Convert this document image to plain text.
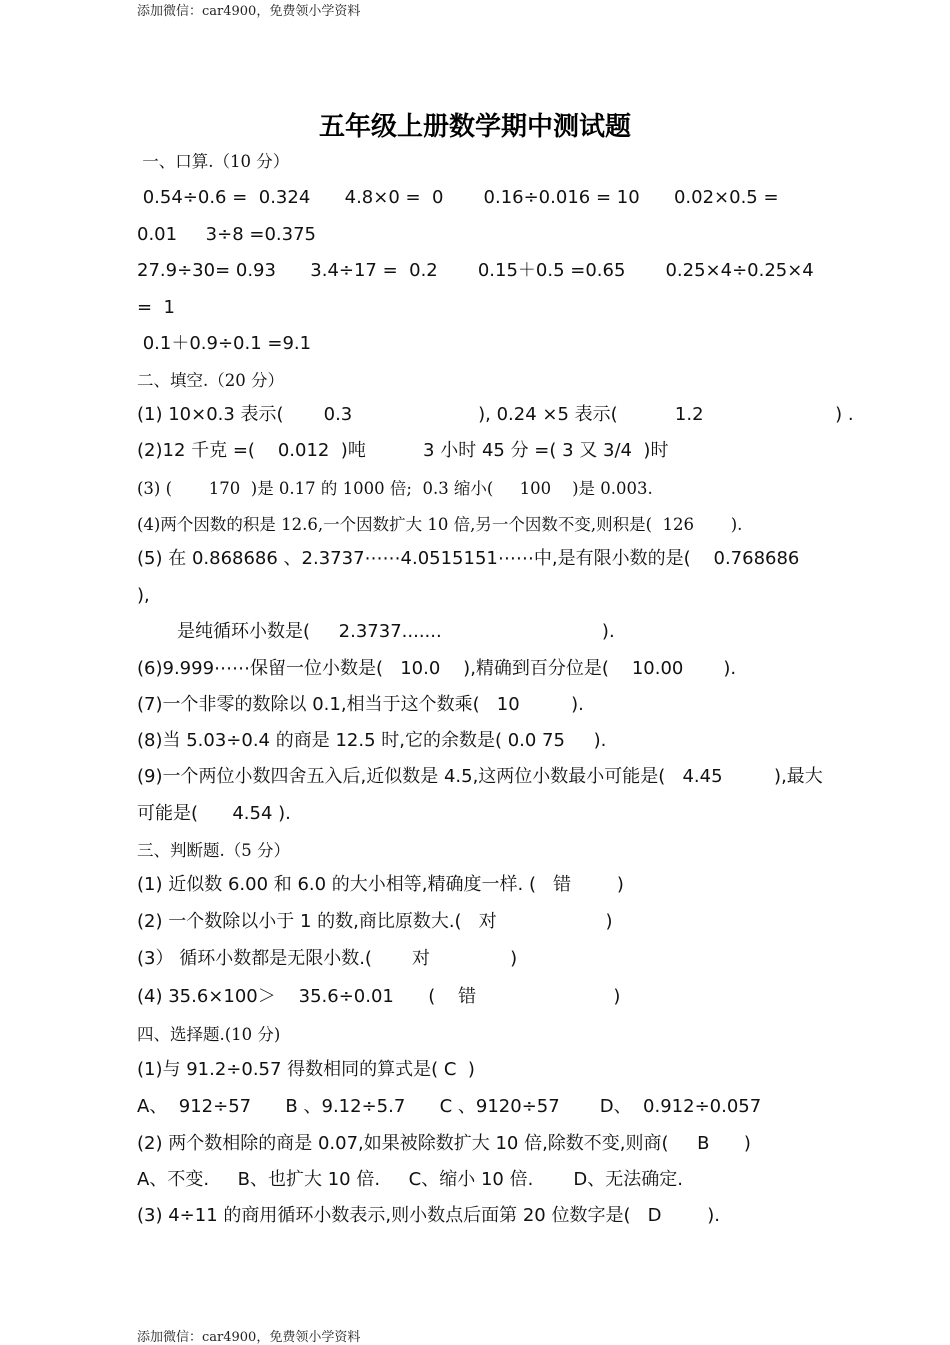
添加微信：car4900，免费领小学资料
五年级上册数学期中测试题
一、口算.（10 分）
0.54÷0.6 =  0.324      4.8×0 =  0       0.16÷0.016 = 10      0.02×0.5 =
0.01     3÷8 =0.375
27.9÷30= 0.93      3.4÷17 =  0.2       0.15＋0.5 =0.65       0.25×4÷0.25×4
=  1
0.1＋0.9÷0.1 =9.1
二、填空.（20 分）
(1) 10×0.3 表示(       0.3                      ), 0.24 ×5 表示(          1.2                       ) .
(2)12 千克 =(    0.012  )吨          3 小时 45 分 =( 3 又 3/4  )时
(3) (       170  )是 0.17 的 1000 倍;  0.3 缩小(     100    )是 0.003.
(4)两个因数的积是 12.6,一个因数扩大 10 倍,另一个因数不变,则积是(  126       ).
(5) 在 0.868686 、2.3737⋯⋯4.0515151⋯⋯中,是有限小数的是(    0.768686
),
是纯循环小数是(     2.3737.......                            ).
(6)9.999⋯⋯保留一位小数是(   10.0    ),精确到百分位是(    10.00       ).
(7)一个非零的数除以 0.1,相当于这个数乘(   10         ).
(8)当 5.03÷0.4 的商是 12.5 时,它的余数是( 0.0 75     ).
(9)一个两位小数四舍五入后,近似数是 4.5,这两位小数最小可能是(   4.45         ),最大
可能是(      4.54 ).
三、判断题.（5 分）
(1) 近似数 6.00 和 6.0 的大小相等,精确度一样. (   错        )
(2) 一个数除以小于 1 的数,商比原数大.(   对                   )
(3） 循环小数都是无限小数.(       对              )
(4) 35.6×100＞    35.6÷0.01      (    错                        )
四、选择题.(10 分)
(1)与 91.2÷0.57 得数相同的算式是( C  )
A、  912÷57      B 、9.12÷5.7      C 、9120÷57       D、  0.912÷0.057
(2) 两个数相除的商是 0.07,如果被除数扩大 10 倍,除数不变,则商(     B      )
A、不变.     B、也扩大 10 倍.     C、缩小 10 倍.       D、无法确定.
(3) 4÷11 的商用循环小数表示,则小数点后面第 20 位数字是(   D        ).
添加微信：car4900，免费领小学资料
